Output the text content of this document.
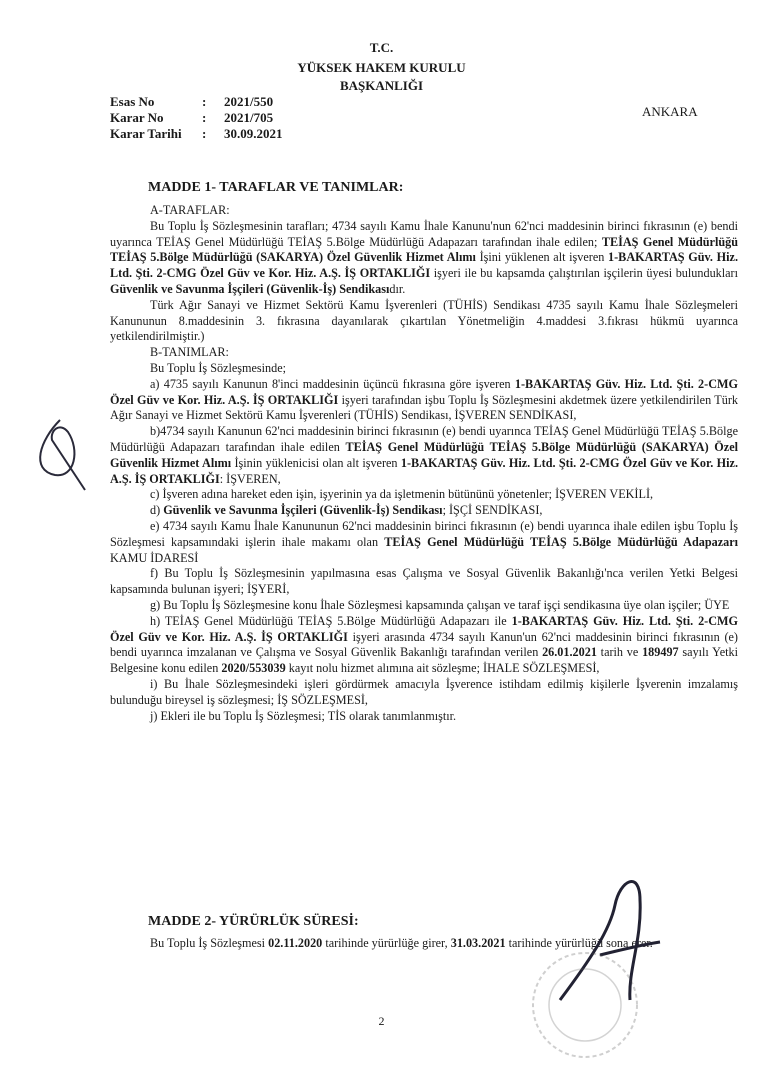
T.C.
YÜKSEK HAKEM KURULU
BAŞKANLIĞI
Esas No	:	2021/550
Karar No	:	2021/705
Karar Tarihi	:	30.09.2021
ANKARA
MADDE 1- TARAFLAR VE TANIMLAR:

A-TARAFLAR:

Bu Toplu İş Sözleşmesinin tarafları; 4734 sayılı Kamu İhale Kanunu'nun 62'nci maddesinin birinci fıkrasının (e) bendi uyarınca TEİAŞ Genel Müdürlüğü TEİAŞ 5.Bölge Müdürlüğü Adapazarı tarafından ihale edilen; TEİAŞ Genel Müdürlüğü TEİAŞ 5.Bölge Müdürlüğü (SAKARYA) Özel Güvenlik Hizmet Alımı İşini yüklenen alt işveren 1-BAKARTAŞ Güv. Hiz. Ltd. Şti. 2-CMG Özel Güv ve Kor. Hiz. A.Ş. İŞ ORTAKLIĞI işyeri ile bu kapsamda çalıştırılan işçilerin üyesi bulundukları Güvenlik ve Savunma İşçileri (Güvenlik-İş) Sendikasıdır.

Türk Ağır Sanayi ve Hizmet Sektörü Kamu İşverenleri (TÜHİS) Sendikası 4735 sayılı Kamu İhale Sözleşmeleri Kanununun 8.maddesinin 3. fıkrasına dayanılarak çıkartılan Yönetmeliğin 4.maddesi 3.fıkrası hükmü uyarınca yetkilendirilmiştir.)

B-TANIMLAR:

Bu Toplu İş Sözleşmesinde;

a) 4735 sayılı Kanunun 8'inci maddesinin üçüncü fıkrasına göre işveren 1-BAKARTAŞ Güv. Hiz. Ltd. Şti. 2-CMG Özel Güv ve Kor. Hiz. A.Ş. İŞ ORTAKLIĞI işyeri tarafından işbu Toplu İş Sözleşmesini akdetmek üzere yetkilendirilen Türk Ağır Sanayi ve Hizmet Sektörü Kamu İşverenleri (TÜHİS) Sendikası, İŞVEREN SENDİKASI,

b)4734 sayılı Kanunun 62'nci maddesinin birinci fıkrasının (e) bendi uyarınca TEİAŞ Genel Müdürlüğü TEİAŞ 5.Bölge Müdürlüğü Adapazarı tarafından ihale edilen TEİAŞ Genel Müdürlüğü TEİAŞ 5.Bölge Müdürlüğü (SAKARYA) Özel Güvenlik Hizmet Alımı İşinin yüklenicisi olan alt işveren 1-BAKARTAŞ Güv. Hiz. Ltd. Şti. 2-CMG Özel Güv ve Kor. Hiz. A.Ş. İŞ ORTAKLIĞI: İŞVEREN,

c) İşveren adına hareket eden işin, işyerinin ya da işletmenin bütününü yönetenler; İŞVEREN VEKİLİ,

d) Güvenlik ve Savunma İşçileri (Güvenlik-İş) Sendikası; İŞÇİ SENDİKASI,

e) 4734 sayılı Kamu İhale Kanununun 62'nci maddesinin birinci fıkrasının (e) bendi uyarınca ihale edilen işbu Toplu İş Sözleşmesi kapsamındaki işlerin ihale makamı olan TEİAŞ Genel Müdürlüğü TEİAŞ 5.Bölge Müdürlüğü Adapazarı KAMU İDARESİ

f) Bu Toplu İş Sözleşmesinin yapılmasına esas Çalışma ve Sosyal Güvenlik Bakanlığı'nca verilen Yetki Belgesi kapsamında bulunan işyeri; İŞYERİ,

g) Bu Toplu İş Sözleşmesine konu İhale Sözleşmesi kapsamında çalışan ve taraf işçi sendikasına üye olan işçiler; ÜYE

h) TEİAŞ Genel Müdürlüğü TEİAŞ 5.Bölge Müdürlüğü Adapazarı ile 1-BAKARTAŞ Güv. Hiz. Ltd. Şti. 2-CMG Özel Güv ve Kor. Hiz. A.Ş. İŞ ORTAKLIĞI işyeri arasında 4734 sayılı Kanun'un 62'nci maddesinin birinci fıkrasının (e) bendi uyarınca imzalanan ve Çalışma ve Sosyal Güvenlik Bakanlığı tarafından verilen 26.01.2021 tarih ve 189497 sayılı Yetki Belgesine konu edilen 2020/553039 kayıt nolu hizmet alımına ait sözleşme; İHALE SÖZLEŞMESİ,

i) Bu İhale Sözleşmesindeki işleri gördürmek amacıyla İşverence istihdam edilmiş kişilerle İşverenin imzalamış bulunduğu bireysel iş sözleşmesi; İŞ SÖZLEŞMESİ,

j) Ekleri ile bu Toplu İş Sözleşmesi; TİS olarak tanımlanmıştır.

MADDE 2- YÜRÜRLÜK SÜRESİ:

Bu Toplu İş Sözleşmesi 02.11.2020 tarihinde yürürlüğe girer, 31.03.2021 tarihinde yürürlüğü sona erer.

2
